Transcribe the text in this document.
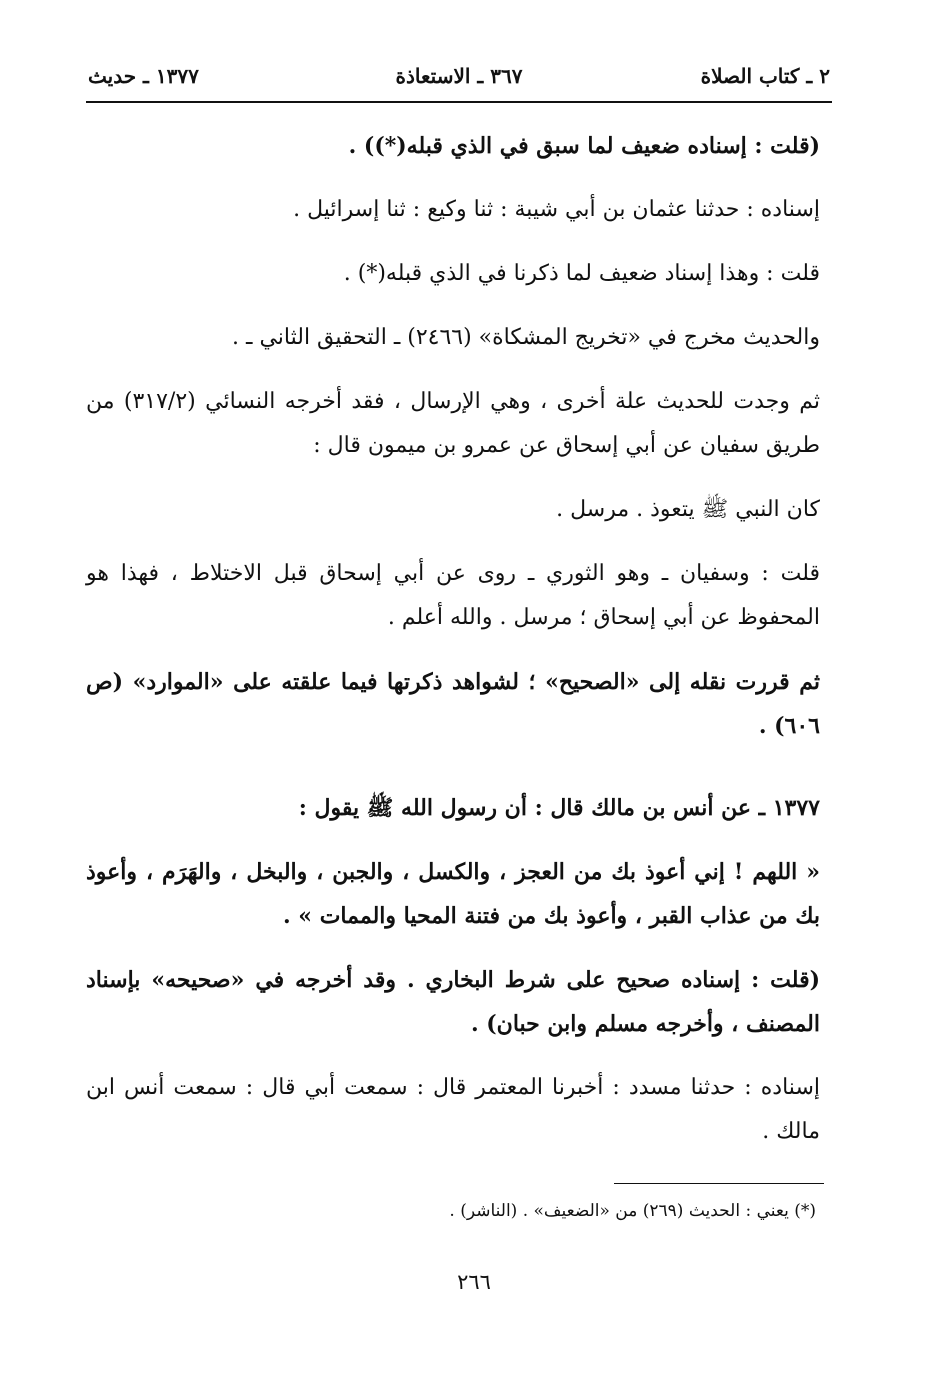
٢ ـ كتاب الصلاة
٣٦٧ ـ الاستعاذة
١٣٧٧ ـ حديث

(قلت : إسناده ضعيف لما سبق في الذي قبله(*)) .

إسناده : حدثنا عثمان بن أبي شيبة : ثنا وكيع : ثنا إسرائيل .

قلت : وهذا إسناد ضعيف لما ذكرنا في الذي قبله(*) .

والحديث مخرج في «تخريج المشكاة» (٢٤٦٦) ـ التحقيق الثاني ـ .

ثم وجدت للحديث علة أخرى ، وهي الإرسال ، فقد أخرجه النسائي (٣١٧/٢) من طريق سفيان عن أبي إسحاق عن عمرو بن ميمون قال :

كان النبي ﷺ يتعوذ . مرسل .

قلت : وسفيان ـ وهو الثوري ـ روى عن أبي إسحاق قبل الاختلاط ، فهذا هو المحفوظ عن أبي إسحاق ؛ مرسل . والله أعلم .

ثم قررت نقله إلى «الصحيح» ؛ لشواهد ذكرتها فيما علقته على «الموارد» (ص ٦٠٦) .

١٣٧٧ ـ عن أنس بن مالك قال : أن رسول الله ﷺ يقول :

« اللهم ! إني أعوذ بك من العجز ، والكسل ، والجبن ، والبخل ، والهَرَم ، وأعوذ بك من عذاب القبر ، وأعوذ بك من فتنة المحيا والممات » .

(قلت : إسناده صحيح على شرط البخاري . وقد أخرجه في «صحيحه» بإسناد المصنف ، وأخرجه مسلم وابن حبان) .

إسناده : حدثنا مسدد : أخبرنا المعتمر قال : سمعت أبي قال : سمعت أنس ابن مالك .

(*) يعني : الحديث (٢٦٩) من «الضعيف» . (الناشر) .
٢٦٦
